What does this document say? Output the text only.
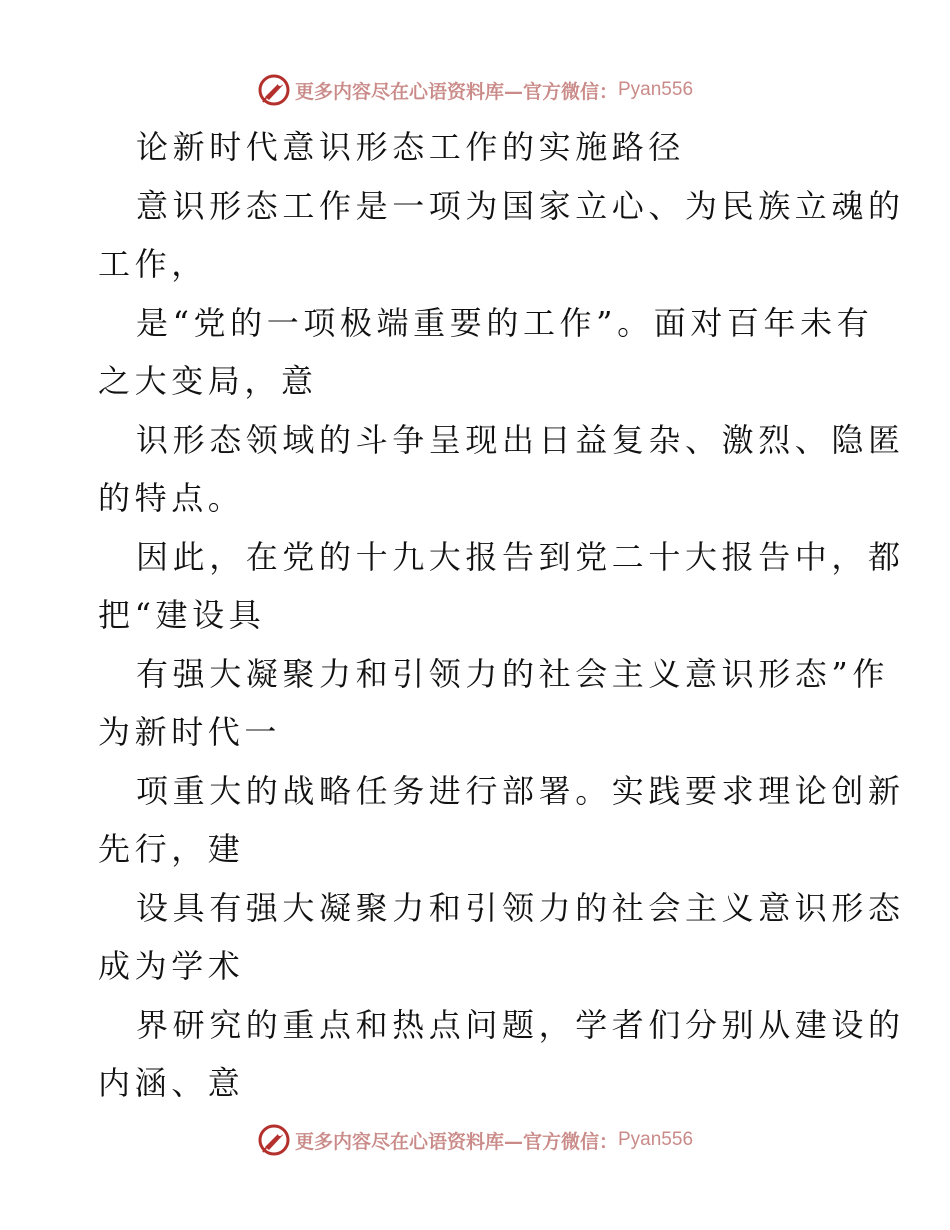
更多内容尽在心语资料库—官方微信： Pyan556
论新时代意识形态工作的实施路径
意识形态工作是一项为国家立心、为民族立魂的
工作，
是“党的一项极端重要的工作”。面对百年未有
之大变局，意
识形态领域的斗争呈现出日益复杂、激烈、隐匿
的特点。
因此，在党的十九大报告到党二十大报告中，都
把“建设具
有强大凝聚力和引领力的社会主义意识形态”作
为新时代一
项重大的战略任务进行部署。实践要求理论创新
先行，建
设具有强大凝聚力和引领力的社会主义意识形态
成为学术
界研究的重点和热点问题，学者们分别从建设的
内涵、意
更多内容尽在心语资料库—官方微信： Pyan556
